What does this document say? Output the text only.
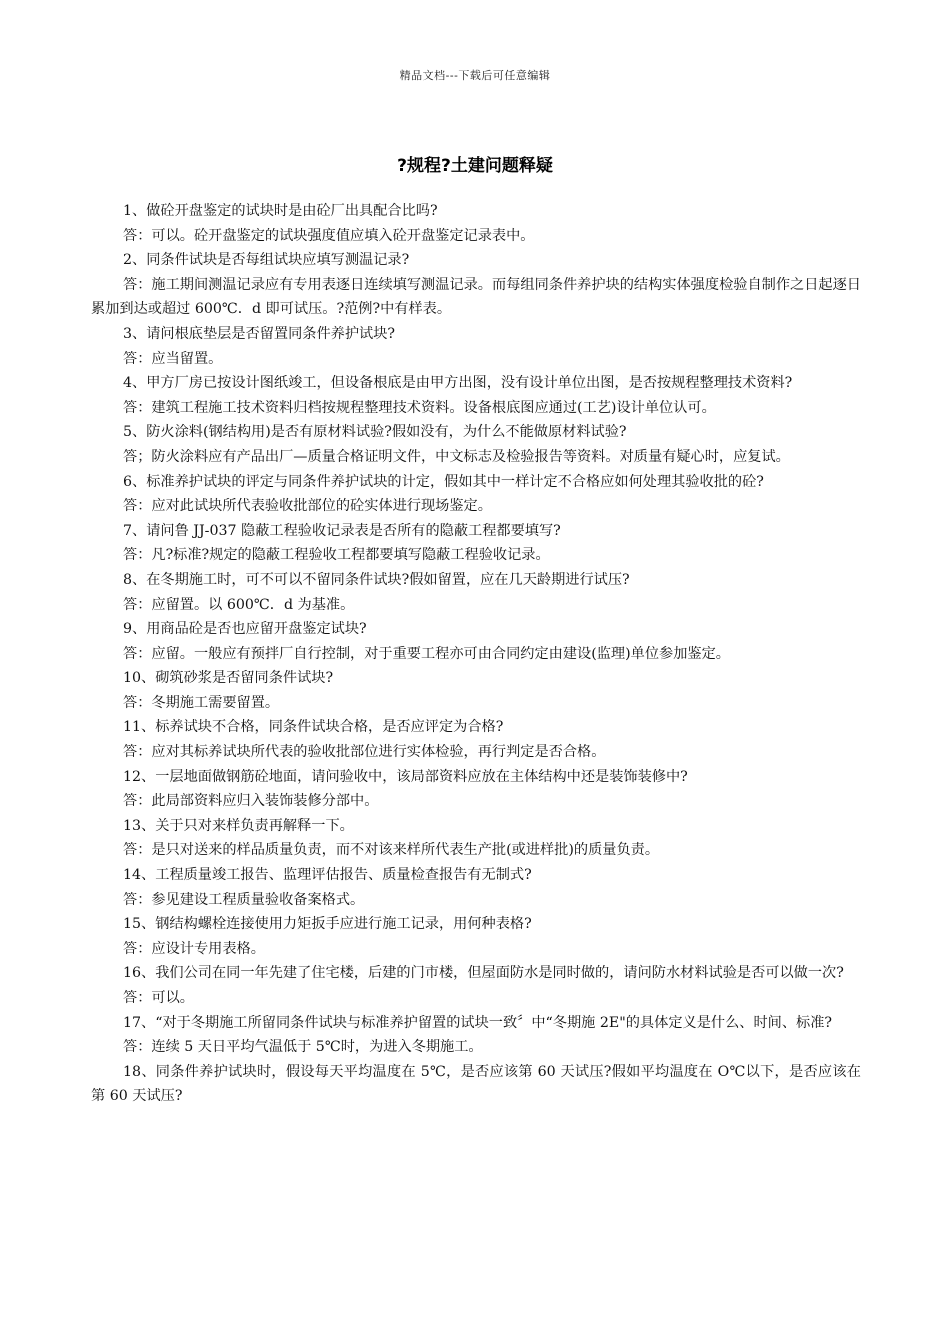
精品文档---下载后可任意编辑
?规程?土建问题释疑

1、做砼开盘鉴定的试块时是由砼厂出具配合比吗?

答：可以。砼开盘鉴定的试块强度值应填入砼开盘鉴定记录表中。

2、同条件试块是否每组试块应填写测温记录?

答：施工期间测温记录应有专用表逐日连续填写测温记录。而每组同条件养护块的结构实体强度检验自制作之日起逐日累加到达或超过 600℃．d 即可试压。?范例?中有样表。

3、请问根底垫层是否留置同条件养护试块?

答：应当留置。

4、甲方厂房已按设计图纸竣工，但设备根底是由甲方出图，没有设计单位出图，是否按规程整理技术资料?

答：建筑工程施工技术资料归档按规程整理技术资料。设备根底图应通过(工艺)设计单位认可。

5、防火涂料(钢结构用)是否有原材料试验?假如没有，为什么不能做原材料试验?

答；防火涂料应有产品出厂—质量合格证明文件，中文标志及检验报告等资料。对质量有疑心时，应复试。

6、标准养护试块的评定与同条件养护试块的计定，假如其中一样计定不合格应如何处理其验收批的砼?

答：应对此试块所代表验收批部位的砼实体进行现场鉴定。

7、请问鲁 JJ-037 隐蔽工程验收记录表是否所有的隐蔽工程都要填写?

答：凡?标准?规定的隐蔽工程验收工程都要填写隐蔽工程验收记录。

8、在冬期施工时，可不可以不留同条件试块?假如留置，应在几天龄期进行试压?

答：应留置。以 600℃．d 为基准。

9、用商品砼是否也应留开盘鉴定试块?

答：应留。一般应有预拌厂自行控制，对于重要工程亦可由合同约定由建设(监理)单位参加鉴定。

10、砌筑砂浆是否留同条件试块?

答：冬期施工需要留置。

11、标养试块不合格，同条件试块合格，是否应评定为合格?

答：应对其标养试块所代表的验收批部位进行实体检验，再行判定是否合格。

12、一层地面做钢筋砼地面，请问验收中，该局部资料应放在主体结构中还是装饰装修中?

答：此局部资料应归入装饰装修分部中。

13、关于只对来样负责再解释一下。

答：是只对送来的样品质量负责，而不对该来样所代表生产批(或进样批)的质量负责。

14、工程质量竣工报告、监理评估报告、质量检查报告有无制式?

答：参见建设工程质量验收备案格式。

15、钢结构螺栓连接使用力矩扳手应进行施工记录，用何种表格?

答：应设计专用表格。

16、我们公司在同一年先建了住宅楼，后建的门市楼，但屋面防水是同时做的，请问防水材料试验是否可以做一次?

答：可以。

17、“对于冬期施工所留同条件试块与标准养护留置的试块一致〞中“冬期施 2E"的具体定义是什么、时间、标准?

答：连续 5 天日平均气温低于 5℃时，为进入冬期施工。

18、同条件养护试块时，假设每天平均温度在 5℃，是否应该第 60 天试压?假如平均温度在 O℃以下，是否应该在第 60 天试压?
